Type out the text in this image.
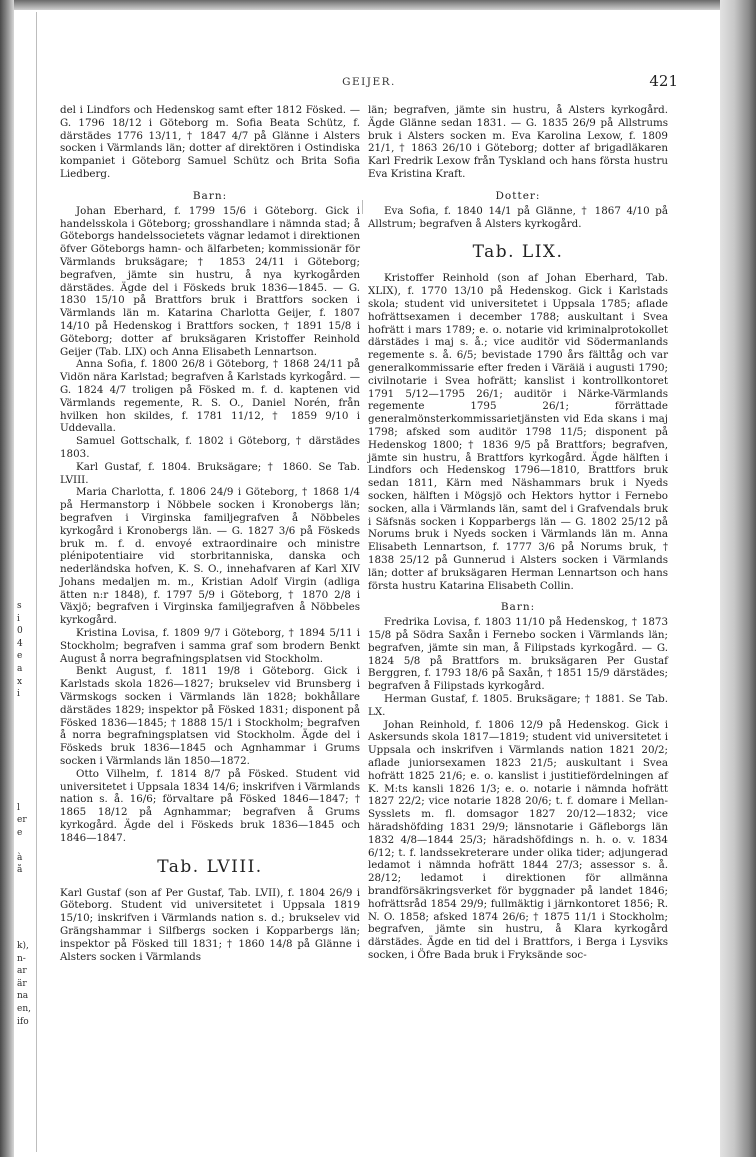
s
i
0
4
e
a
x
i
l
er
e
à
å
k),
n-
ar
är
na
en,
ifo
GEIJER.	421

del i Lindfors och Hedenskog samt efter 1812 Fösked. — G. 1796 18/12 i Göteborg m. Sofia Beata Schütz, f. därstädes 1776 13/11, † 1847 4/7 på Glänne i Alsters socken i Värmlands län; dotter af direktören i Ostindiska kompaniet i Göteborg Samuel Schütz och Brita Sofia Liedberg.

Barn:

Johan Eberhard, f. 1799 15/6 i Göteborg. Gick i handelsskola i Göteborg; grosshandlare i nämnda stad; å Göteborgs handelssocietets vägnar ledamot i direktionen öfver Göteborgs hamn- och älfarbeten; kommissionär för Värmlands bruksägare; † 1853 24/11 i Göteborg; begrafven, jämte sin hustru, å nya kyrkogården därstädes. Ägde del i Föskeds bruk 1836—1845. — G. 1830 15/10 på Brattfors bruk i Brattfors socken i Värmlands län m. Katarina Charlotta Geijer, f. 1807 14/10 på Hedenskog i Brattfors socken, † 1891 15/8 i Göteborg; dotter af bruksägaren Kristoffer Reinhold Geijer (Tab. LIX) och Anna Elisabeth Lennartson.

Anna Sofia, f. 1800 26/8 i Göteborg, † 1868 24/11 på Vidön nära Karlstad; begrafven å Karlstads kyrkogård. — G. 1824 4/7 troligen på Fösked m. f. d. kaptenen vid Värmlands regemente, R. S. O., Daniel Norén, från hvilken hon skildes, f. 1781 11/12, † 1859 9/10 i Uddevalla.

Samuel Gottschalk, f. 1802 i Göteborg, † därstädes 1803.

Karl Gustaf, f. 1804. Bruksägare; † 1860. Se Tab. LVIII.

Maria Charlotta, f. 1806 24/9 i Göteborg, † 1868 1/4 på Hermanstorp i Nöbbele socken i Kronobergs län; begrafven i Virginska familjegrafven å Nöbbeles kyrkogård i Kronobergs län. — G. 1827 3/6 på Föskeds bruk m. f. d. envoyé extraordinaire och ministre plénipotentiaire vid storbritanniska, danska och nederländska hofven, K. S. O., innehafvaren af Karl XIV Johans medaljen m. m., Kristian Adolf Virgin (adliga ätten n:r 1848), f. 1797 5/9 i Göteborg, † 1870 2/8 i Växjö; begrafven i Virginska familjegrafven å Nöbbeles kyrkogård.

Kristina Lovisa, f. 1809 9/7 i Göteborg, † 1894 5/11 i Stockholm; begrafven i samma graf som brodern Benkt August å norra begrafningsplatsen vid Stockholm.

Benkt August, f. 1811 19/8 i Göteborg. Gick i Karlstads skola 1826—1827; brukselev vid Brunsberg i Värmskogs socken i Värmlands län 1828; bokhållare därstädes 1829; inspektor på Fösked 1831; disponent på Fösked 1836—1845; † 1888 15/1 i Stockholm; begrafven å norra begrafningsplatsen vid Stockholm. Ägde del i Föskeds bruk 1836—1845 och Agnhammar i Grums socken i Värmlands län 1850—1872.

Otto Vilhelm, f. 1814 8/7 på Fösked. Student vid universitetet i Uppsala 1834 14/6; inskrifven i Värmlands nation s. å. 16/6; förvaltare på Fösked 1846—1847; † 1865 18/12 på Agnhammar; begrafven å Grums kyrkogård. Ägde del i Föskeds bruk 1836—1845 och 1846—1847.

Tab. LVIII.

Karl Gustaf (son af Per Gustaf, Tab. LVII), f. 1804 26/9 i Göteborg. Student vid universitetet i Uppsala 1819 15/10; inskrifven i Värmlands nation s. d.; brukselev vid Grängshammar i Silfbergs socken i Kopparbergs län; inspektor på Fösked till 1831; † 1860 14/8 på Glänne i Alsters socken i Värmlands

län; begrafven, jämte sin hustru, å Alsters kyrkogård. Ägde Glänne sedan 1831. — G. 1835 26/9 på Allstrums bruk i Alsters socken m. Eva Karolina Lexow, f. 1809 21/1, † 1863 26/10 i Göteborg; dotter af brigadläkaren Karl Fredrik Lexow från Tyskland och hans första hustru Eva Kristina Kraft.

Dotter:

Eva Sofia, f. 1840 14/1 på Glänne, † 1867 4/10 på Allstrum; begrafven å Alsters kyrkogård.

Tab. LIX.

Kristoffer Reinhold (son af Johan Eberhard, Tab. XLIX), f. 1770 13/10 på Hedenskog. Gick i Karlstads skola; student vid universitetet i Uppsala 1785; aflade hofrättsexamen i december 1788; auskultant i Svea hofrätt i mars 1789; e. o. notarie vid kriminalprotokollet därstädes i maj s. å.; vice auditör vid Södermanlands regemente s. å. 6/5; bevistade 1790 års fälttåg och var generalkommissarie efter freden i Väräiä i augusti 1790; civilnotarie i Svea hofrätt; kanslist i kontrollkontoret 1791 5/12—1795 26/1; auditör i Närke-Värmlands regemente 1795 26/1; förrättade generalmönsterkommissarietjänsten vid Eda skans i maj 1798; afsked som auditör 1798 11/5; disponent på Hedenskog 1800; † 1836 9/5 på Brattfors; begrafven, jämte sin hustru, å Brattfors kyrkogård. Ägde hälften i Lindfors och Hedenskog 1796—1810, Brattfors bruk sedan 1811, Kärn med Näshammars bruk i Nyeds socken, hälften i Mögsjö och Hektors hyttor i Fernebo socken, alla i Värmlands län, samt del i Grafvendals bruk i Säfsnäs socken i Kopparbergs län — G. 1802 25/12 på Norums bruk i Nyeds socken i Värmlands län m. Anna Elisabeth Lennartson, f. 1777 3/6 på Norums bruk, † 1838 25/12 på Gunnerud i Alsters socken i Värmlands län; dotter af bruksägaren Herman Lennartson och hans första hustru Katarina Elisabeth Collin.

Barn:

Fredrika Lovisa, f. 1803 11/10 på Hedenskog, † 1873 15/8 på Södra Saxån i Fernebo socken i Värmlands län; begrafven, jämte sin man, å Filipstads kyrkogård. — G. 1824 5/8 på Brattfors m. bruksägaren Per Gustaf Berggren, f. 1793 18/6 på Saxån, † 1851 15/9 därstädes; begrafven å Filipstads kyrkogård.

Herman Gustaf, f. 1805. Bruksägare; † 1881. Se Tab. LX.

Johan Reinhold, f. 1806 12/9 på Hedenskog. Gick i Askersunds skola 1817—1819; student vid universitetet i Uppsala och inskrifven i Värmlands nation 1821 20/2; aflade juniorsexamen 1823 21/5; auskultant i Svea hofrätt 1825 21/6; e. o. kanslist i justitiefördelningen af K. M:ts kansli 1826 1/3; e. o. notarie i nämnda hofrätt 1827 22/2; vice notarie 1828 20/6; t. f. domare i Mellan-Sysslets m. fl. domsagor 1827 20/12—1832; vice häradshöfding 1831 29/9; länsnotarie i Gäfleborgs län 1832 4/8—1844 25/3; häradshöfdings n. h. o. v. 1834 6/12; t. f. landssekreterare under olika tider; adjungerad ledamot i nämnda hofrätt 1844 27/3; assessor s. å. 28/12; ledamot i direktionen för allmänna brandförsäkringsverket för byggnader på landet 1846; hofrättsråd 1854 29/9; fullmäktig i järnkontoret 1856; R. N. O. 1858; afsked 1874 26/6; † 1875 11/1 i Stockholm; begrafven, jämte sin hustru, å Klara kyrkogård därstädes. Ägde en tid del i Brattfors, i Berga i Lysviks socken, i Öfre Bada bruk i Fryksände soc-
